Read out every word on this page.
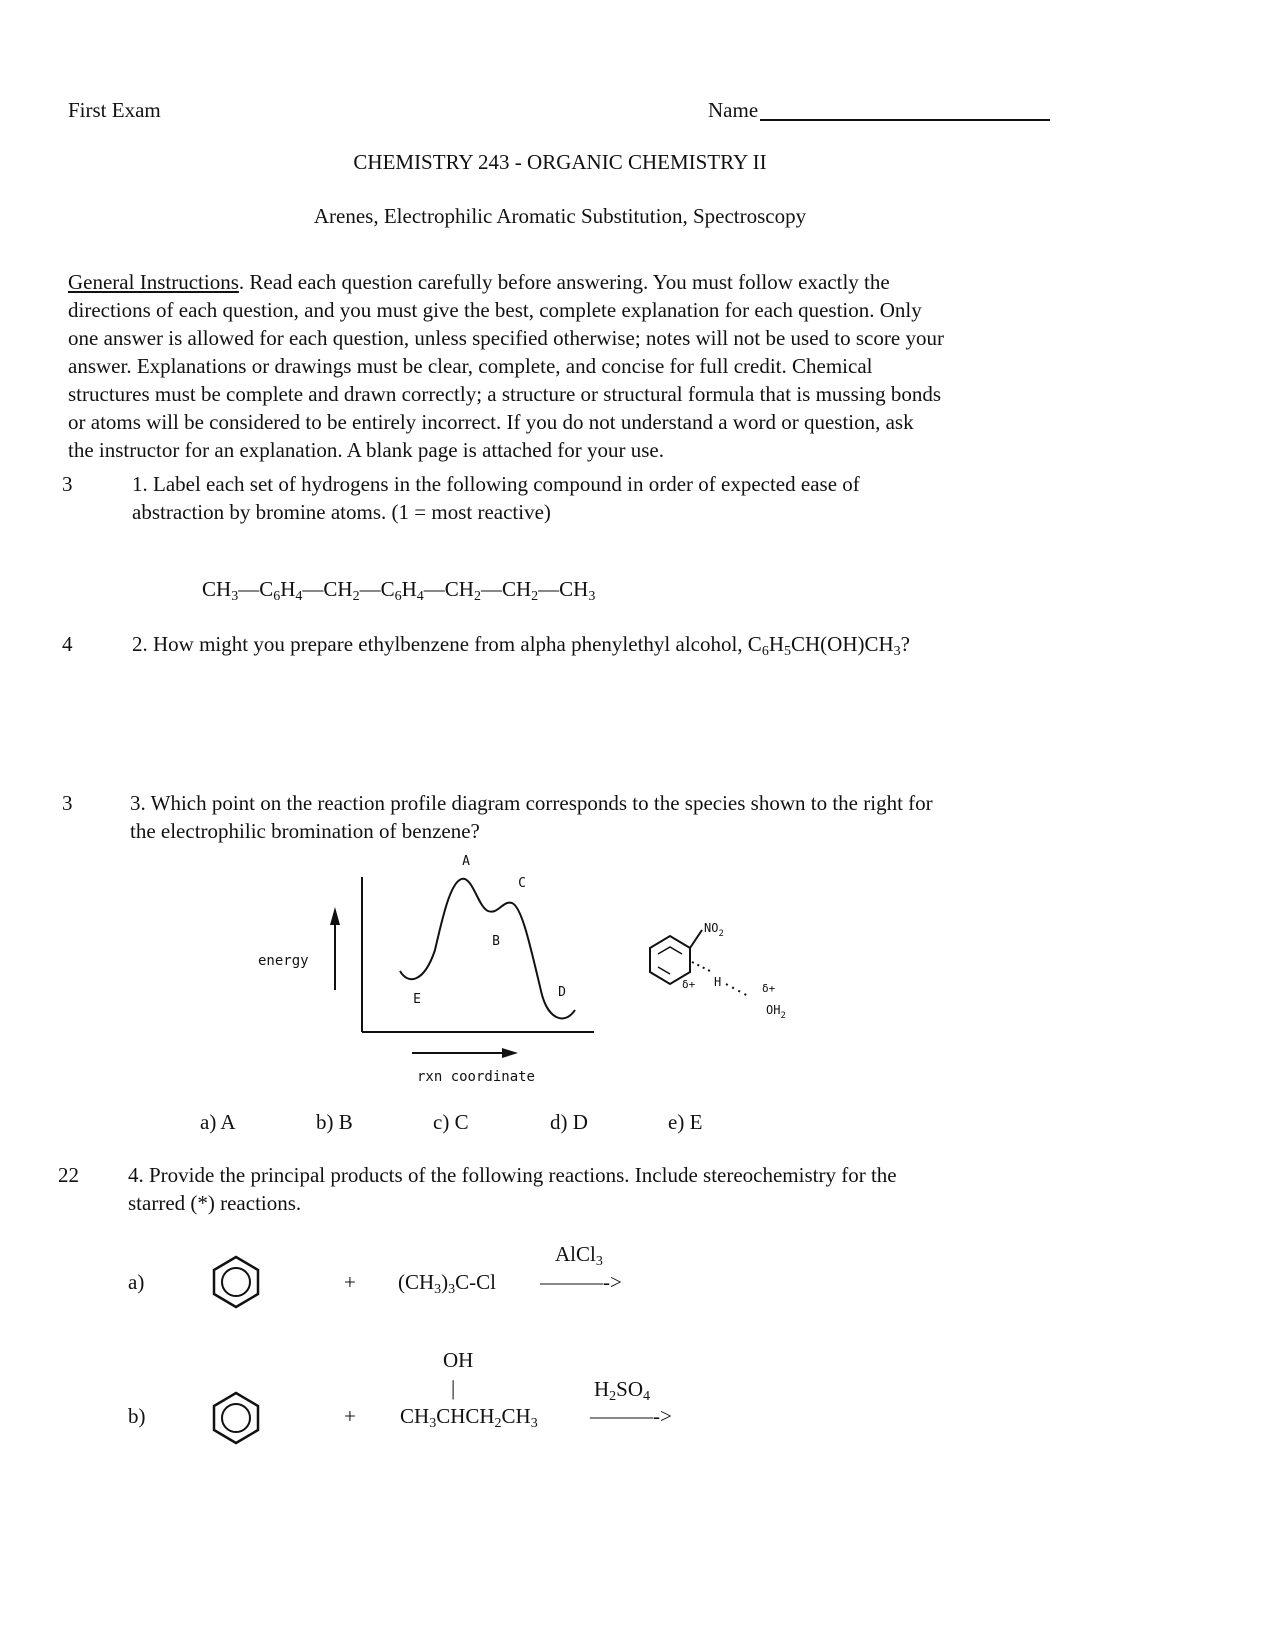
First Exam	Name
CHEMISTRY 243 - ORGANIC CHEMISTRY II
Arenes, Electrophilic Aromatic Substitution, Spectroscopy

General Instructions. Read each question carefully before answering. You must follow exactly the

directions of each question, and you must give the best, complete explanation for each question. Only

one answer is allowed for each question, unless specified otherwise; notes will not be used to score your

answer. Explanations or drawings must be clear, complete, and concise for full credit. Chemical

structures must be complete and drawn correctly; a structure or structural formula that is mussing bonds

or atoms will be considered to be entirely incorrect. If you do not understand a word or question, ask

the instructor for an explanation. A blank page is attached for your use.

3	1. Label each set of hydrogens in the following compound in order of expected ease of
abstraction by bromine atoms. (1 = most reactive)
CH3—C6H4—CH2—C6H4—CH2—CH2—CH3
4	2. How might you prepare ethylbenzene from alpha phenylethyl alcohol, C6H5CH(OH)CH3?
3	3. Which point on the reaction profile diagram corresponds to the species shown to the right for
the electrophilic bromination of benzene?
energy
A
B
C
D
E
rxn coordinate
$NO_2$
δ+ H	δ+
$OH_2$
a) A	b) B	c) C	d) D	e) E
22 4. Provide the principal products of the following reactions. Include stereochemistry for the
starred (*) reactions.
a)	+ (CH3)3C-Cl
AlCl3
———->
b)	+
OH
|
CH3CHCH2CH3
H2SO4
———->
